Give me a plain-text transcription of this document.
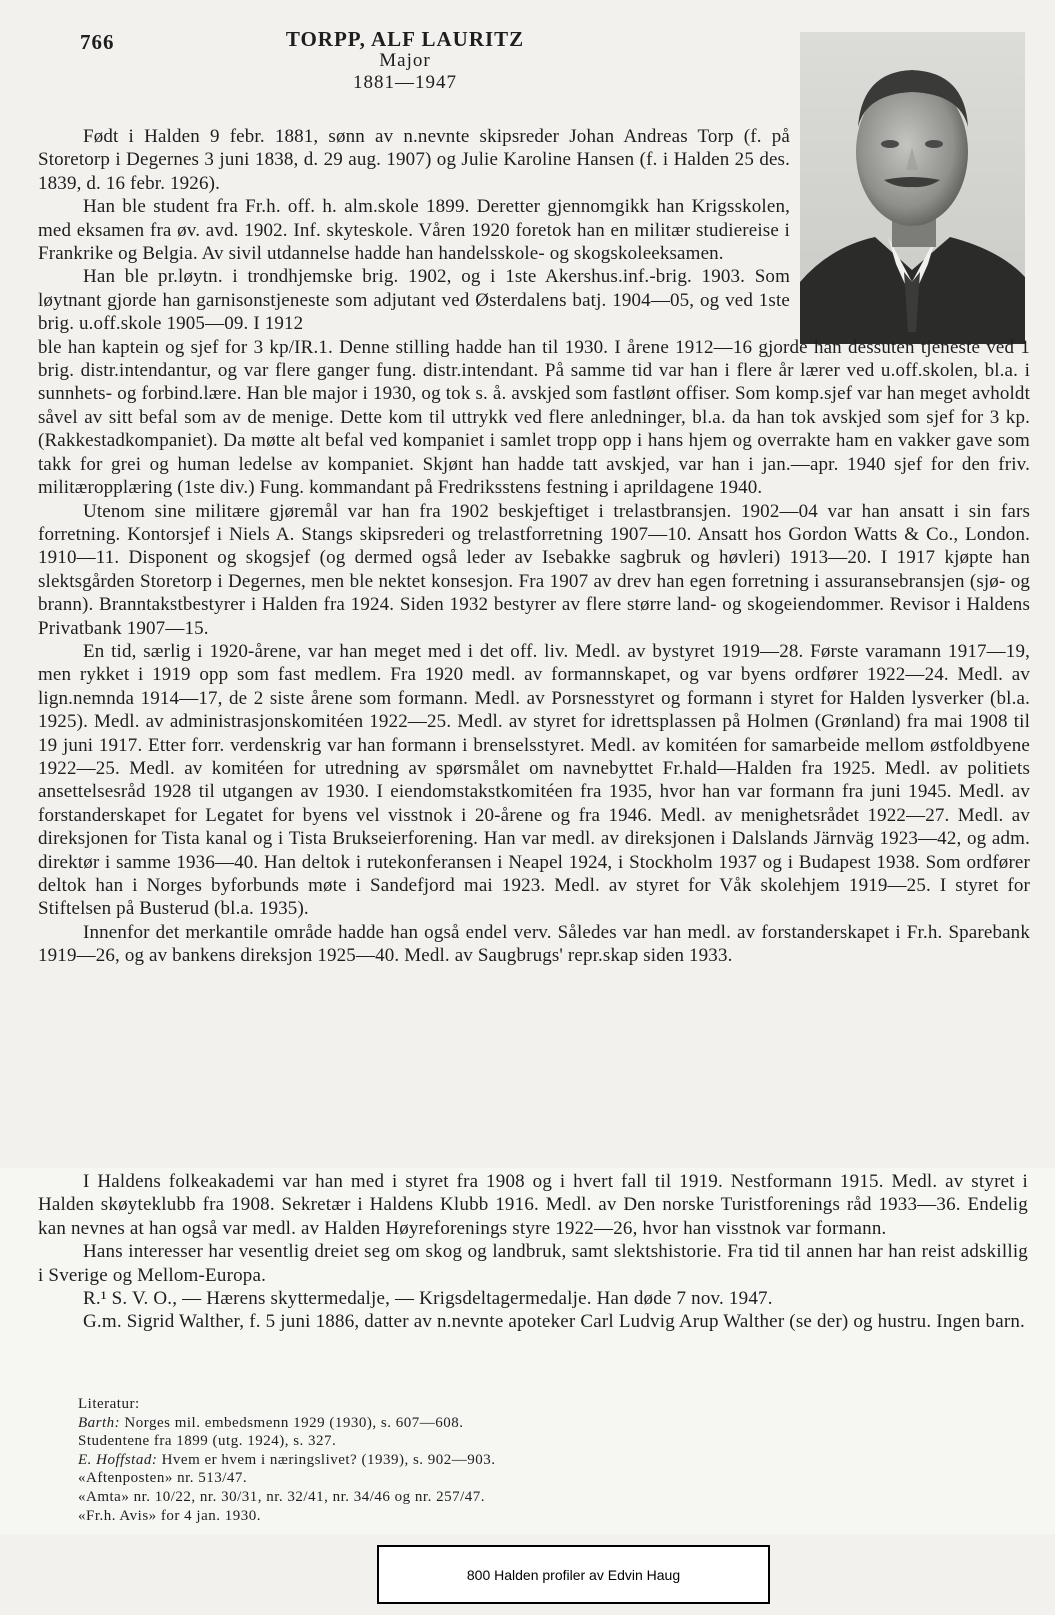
766	TORPP, ALF LAURITZ
Major
1881—1947

Født i Halden 9 febr. 1881, sønn av n.nevnte skipsreder Johan Andreas Torp (f. på Storetorp i Degernes 3 juni 1838, d. 29 aug. 1907) og Julie Karoline Hansen (f. i Halden 25 des. 1839, d. 16 febr. 1926).

Han ble student fra Fr.h. off. h. alm.skole 1899. Deretter gjennomgikk han Krigsskolen, med eksamen fra øv. avd. 1902. Inf. skyteskole. Våren 1920 foretok han en militær studiereise i Frankrike og Belgia. Av sivil utdannelse hadde han handelsskole- og skogskoleeksamen.

Han ble pr.løytn. i trondhjemske brig. 1902, og i 1ste Akershus.inf.-brig. 1903. Som løytnant gjorde han garnisonstjeneste som adjutant ved Østerdalens batj. 1904—05, og ved 1ste brig. u.off.skole 1905—09. I 1912

ble han kaptein og sjef for 3 kp/IR.1. Denne stilling hadde han til 1930. I årene 1912—16 gjorde han dessuten tjeneste ved 1 brig. distr.intendantur, og var flere ganger fung. distr.intendant. På samme tid var han i flere år lærer ved u.off.skolen, bl.a. i sunnhets- og forbind.lære. Han ble major i 1930, og tok s. å. avskjed som fastlønt offiser. Som komp.sjef var han meget avholdt såvel av sitt befal som av de menige. Dette kom til uttrykk ved flere anledninger, bl.a. da han tok avskjed som sjef for 3 kp. (Rakkestadkompaniet). Da møtte alt befal ved kompaniet i samlet tropp opp i hans hjem og overrakte ham en vakker gave som takk for grei og human ledelse av kompaniet. Skjønt han hadde tatt avskjed, var han i jan.—apr. 1940 sjef for den friv. militæropplæring (1ste div.) Fung. kommandant på Fredriksstens festning i aprildagene 1940.

Utenom sine militære gjøremål var han fra 1902 beskjeftiget i trelastbransjen. 1902—04 var han ansatt i sin fars forretning. Kontorsjef i Niels A. Stangs skipsrederi og trelastforretning 1907—10. Ansatt hos Gordon Watts & Co., London. 1910—11. Disponent og skogsjef (og dermed også leder av Isebakke sagbruk og høvleri) 1913—20. I 1917 kjøpte han slektsgården Storetorp i Degernes, men ble nektet konsesjon. Fra 1907 av drev han egen forretning i assuransebransjen (sjø- og brann). Branntakstbestyrer i Halden fra 1924. Siden 1932 bestyrer av flere større land- og skogeiendommer. Revisor i Haldens Privatbank 1907—15.

En tid, særlig i 1920-årene, var han meget med i det off. liv. Medl. av bystyret 1919—28. Første varamann 1917—19, men rykket i 1919 opp som fast medlem. Fra 1920 medl. av formannskapet, og var byens ordfører 1922—24. Medl. av lign.nemnda 1914—17, de 2 siste årene som formann. Medl. av Porsnesstyret og formann i styret for Halden lysverker (bl.a. 1925). Medl. av administrasjonskomitéen 1922—25. Medl. av styret for idrettsplassen på Holmen (Grønland) fra mai 1908 til 19 juni 1917. Etter forr. verdenskrig var han formann i brenselsstyret. Medl. av komitéen for samarbeide mellom østfoldbyene 1922—25. Medl. av komitéen for utredning av spørsmålet om navnebyttet Fr.hald—Halden fra 1925. Medl. av politiets ansettelsesråd 1928 til utgangen av 1930. I eiendomstakstkomitéen fra 1935, hvor han var formann fra juni 1945. Medl. av forstanderskapet for Legatet for byens vel visstnok i 20-årene og fra 1946. Medl. av menighetsrådet 1922—27. Medl. av direksjonen for Tista kanal og i Tista Brukseierforening. Han var medl. av direksjonen i Dalslands Järnväg 1923—42, og adm. direktør i samme 1936—40. Han deltok i rutekonferansen i Neapel 1924, i Stockholm 1937 og i Budapest 1938. Som ordfører deltok han i Norges byforbunds møte i Sandefjord mai 1923. Medl. av styret for Våk skolehjem 1919—25. I styret for Stiftelsen på Busterud (bl.a. 1935).

Innenfor det merkantile område hadde han også endel verv. Således var han medl. av forstanderskapet i Fr.h. Sparebank 1919—26, og av bankens direksjon 1925—40. Medl. av Saugbrugs' repr.skap siden 1933.

I Haldens folkeakademi var han med i styret fra 1908 og i hvert fall til 1919. Nestformann 1915. Medl. av styret i Halden skøyteklubb fra 1908. Sekretær i Haldens Klubb 1916. Medl. av Den norske Turistforenings råd 1933—36. Endelig kan nevnes at han også var medl. av Halden Høyreforenings styre 1922—26, hvor han visstnok var formann.

Hans interesser har vesentlig dreiet seg om skog og landbruk, samt slektshistorie. Fra tid til annen har han reist adskillig i Sverige og Mellom-Europa.

R.¹ S. V. O., — Hærens skyttermedalje, — Krigsdeltagermedalje. Han døde 7 nov. 1947.

G.m. Sigrid Walther, f. 5 juni 1886, datter av n.nevnte apoteker Carl Ludvig Arup Walther (se der) og hustru. Ingen barn.

Literatur:
Barth: Norges mil. embedsmenn 1929 (1930), s. 607—608.
Studentene fra 1899 (utg. 1924), s. 327.
E. Hoffstad: Hvem er hvem i næringslivet? (1939), s. 902—903.
«Aftenposten» nr. 513/47.
«Amta» nr. 10/22, nr. 30/31, nr. 32/41, nr. 34/46 og nr. 257/47.
«Fr.h. Avis» for 4 jan. 1930.
800 Halden profiler av Edvin Haug
